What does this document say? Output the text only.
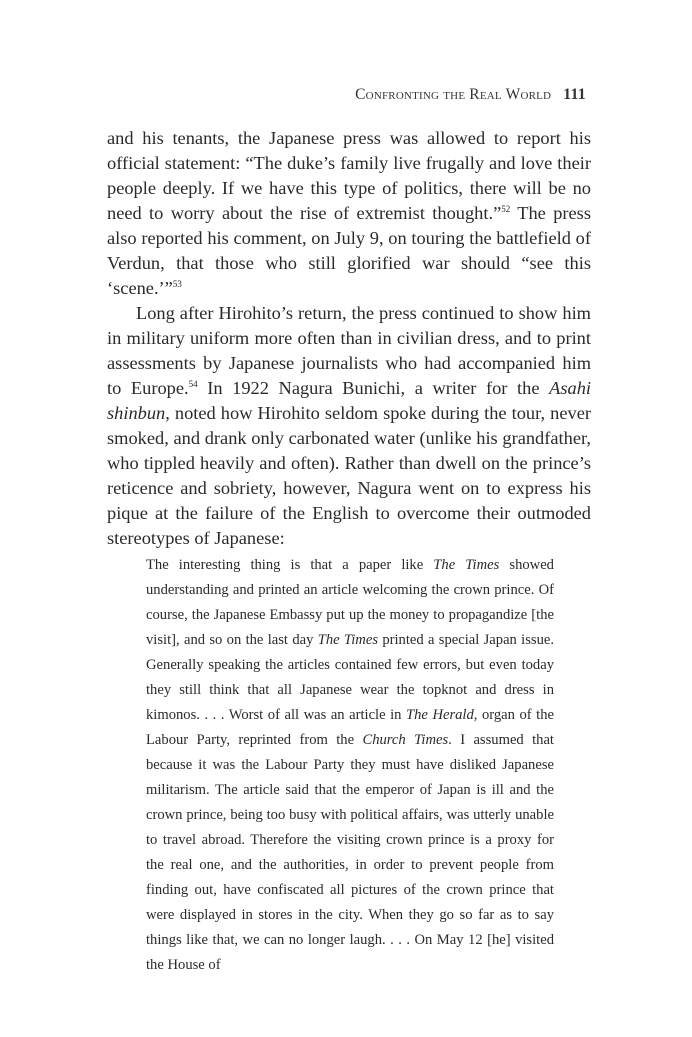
Confronting the Real World 111

and his tenants, the Japanese press was allowed to report his official statement: “The duke’s family live frugally and love their people deeply. If we have this type of politics, there will be no need to worry about the rise of extremist thought.”$^{52}$ The press also reported his comment, on July 9, on touring the battlefield of Verdun, that those who still glorified war should “see this ‘scene.’”$^{53}$

Long after Hirohito’s return, the press continued to show him in military uniform more often than in civilian dress, and to print assessments by Japanese journalists who had accompanied him to Europe.$^{54}$ In 1922 Nagura Bunichi, a writer for the Asahi shinbun, noted how Hirohito seldom spoke during the tour, never smoked, and drank only carbonated water (unlike his grandfather, who tippled heavily and often). Rather than dwell on the prince’s reticence and sobriety, however, Nagura went on to express his pique at the failure of the English to overcome their outmoded stereotypes of Japanese:

The interesting thing is that a paper like The Times showed understanding and printed an article welcoming the crown prince. Of course, the Japanese Embassy put up the money to propagandize [the visit], and so on the last day The Times printed a special Japan issue. Generally speaking the articles contained few errors, but even today they still think that all Japanese wear the topknot and dress in kimonos. . . . Worst of all was an article in The Herald, organ of the Labour Party, reprinted from the Church Times. I assumed that because it was the Labour Party they must have disliked Japanese militarism. The article said that the emperor of Japan is ill and the crown prince, being too busy with political affairs, was utterly unable to travel abroad. Therefore the visiting crown prince is a proxy for the real one, and the authorities, in order to prevent people from finding out, have confiscated all pictures of the crown prince that were displayed in stores in the city. When they go so far as to say things like that, we can no longer laugh. . . . On May 12 [he] visited the House of
